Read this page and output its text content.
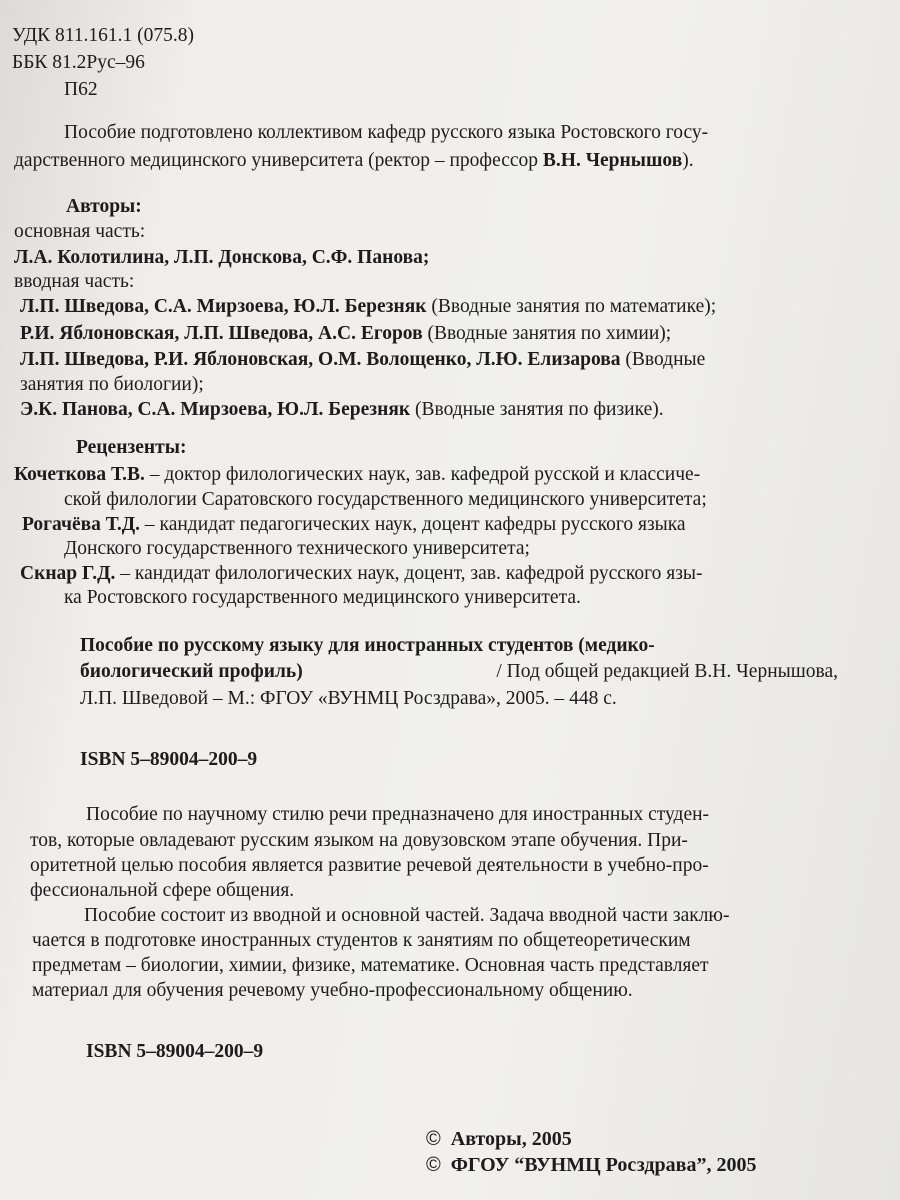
УДК 811.161.1 (075.8)
ББК 81.2Рус–96
П62
Пособие подготовлено коллективом кафедр русского языка Ростовского госу-
дарственного медицинского университета (ректор – профессор В.Н. Чернышов).
Авторы:
основная часть:
Л.А. Колотилина, Л.П. Донскова, С.Ф. Панова;
вводная часть:
Л.П. Шведова, С.А. Мирзоева, Ю.Л. Березняк (Вводные занятия по математике);
Р.И. Яблоновская, Л.П. Шведова, А.С. Егоров (Вводные занятия по химии);
Л.П. Шведова, Р.И. Яблоновская, О.М. Волощенко, Л.Ю. Елизарова (Вводные
занятия по биологии);
Э.К. Панова, С.А. Мирзоева, Ю.Л. Березняк (Вводные занятия по физике).
Рецензенты:
Кочеткова Т.В. – доктор филологических наук, зав. кафедрой русской и классиче-
ской филологии Саратовского государственного медицинского университета;
Рогачёва Т.Д. – кандидат педагогических наук, доцент кафедры русского языка
Донского государственного технического университета;
Скнар Г.Д. – кандидат филологических наук, доцент, зав. кафедрой русского язы-
ка Ростовского государственного медицинского университета.
Пособие по русскому языку для иностранных студентов (медико-
биологический профиль)	/ Под общей редакцией В.Н. Чернышова,
Л.П. Шведовой – М.: ФГОУ «ВУНМЦ Росздрава», 2005. – 448 с.
ISBN 5–89004–200–9
Пособие по научному стилю речи предназначено для иностранных студен-
тов, которые овладевают русским языком на довузовском этапе обучения. При-
оритетной целью пособия является развитие речевой деятельности в учебно-про-
фессиональной сфере общения.
Пособие состоит из вводной и основной частей. Задача вводной части заклю-
чается в подготовке иностранных студентов к занятиям по общетеоретическим
предметам – биологии, химии, физике, математике. Основная часть представляет
материал для обучения речевому учебно-профессиональному общению.
ISBN 5–89004–200–9
© Авторы, 2005
© ФГОУ “ВУНМЦ Росздрава”, 2005
